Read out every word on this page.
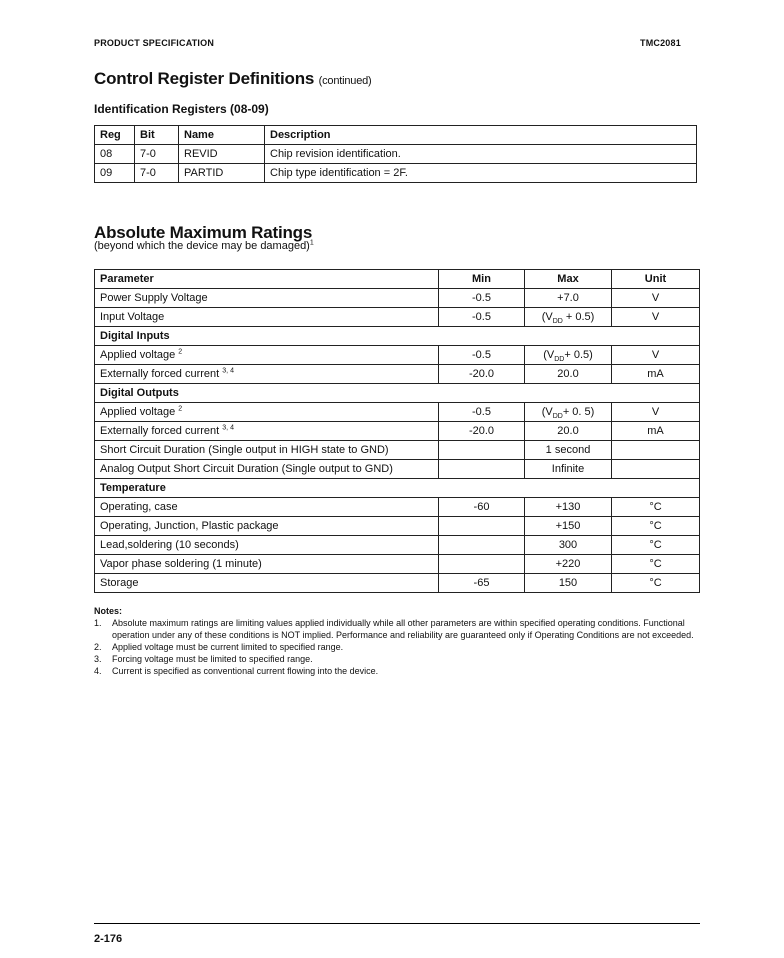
PRODUCT SPECIFICATION	TMC2081
Control Register Definitions (continued)
Identification Registers (08-09)
Reg	Bit	Name	Description
08	7-0	REVID	Chip revision identification.
09	7-0	PARTID	Chip type identification = 2F.
Absolute Maximum Ratings
(beyond which the device may be damaged)$^1$
Parameter	Min	Max	Unit
Power Supply Voltage	-0.5	+7.0	V
Input Voltage	-0.5	$(V_{DD} + 0.5)$	V
Digital Inputs			
Applied voltage $^2$	-0.5	$(V_{DD}+ 0.5)$	V
Externally forced current $^{3, 4}$	-20.0	20.0	mA
Digital Outputs			
Applied voltage $^2$	-0.5	($V_{DD}+ 0$. 5)	V
Externally forced current $^{3, 4}$	-20.0	20.0	mA
Short Circuit Duration (Single output in HIGH state to GND)		1 second	
Analog Output Short Circuit Duration (Single output to GND)		Infinite	
Temperature			
Operating, case	-60	+130	°C
Operating, Junction, Plastic package		+150	°C
Lead,soldering (10 seconds)		300	°C
Vapor phase soldering (1 minute)		+220	°C
Storage	-65	150	°C
Notes:
1.	Absolute maximum ratings are limiting values applied individually while all other parameters are within specified operating conditions. Functional operation under any of these conditions is NOT implied. Performance and reliability are guaranteed only if Operating Conditions are not exceeded.
2.	Applied voltage must be current limited to specified range.
3.	Forcing voltage must be limited to specified range.
4.	Current is specified as conventional current flowing into the device.
2-176
